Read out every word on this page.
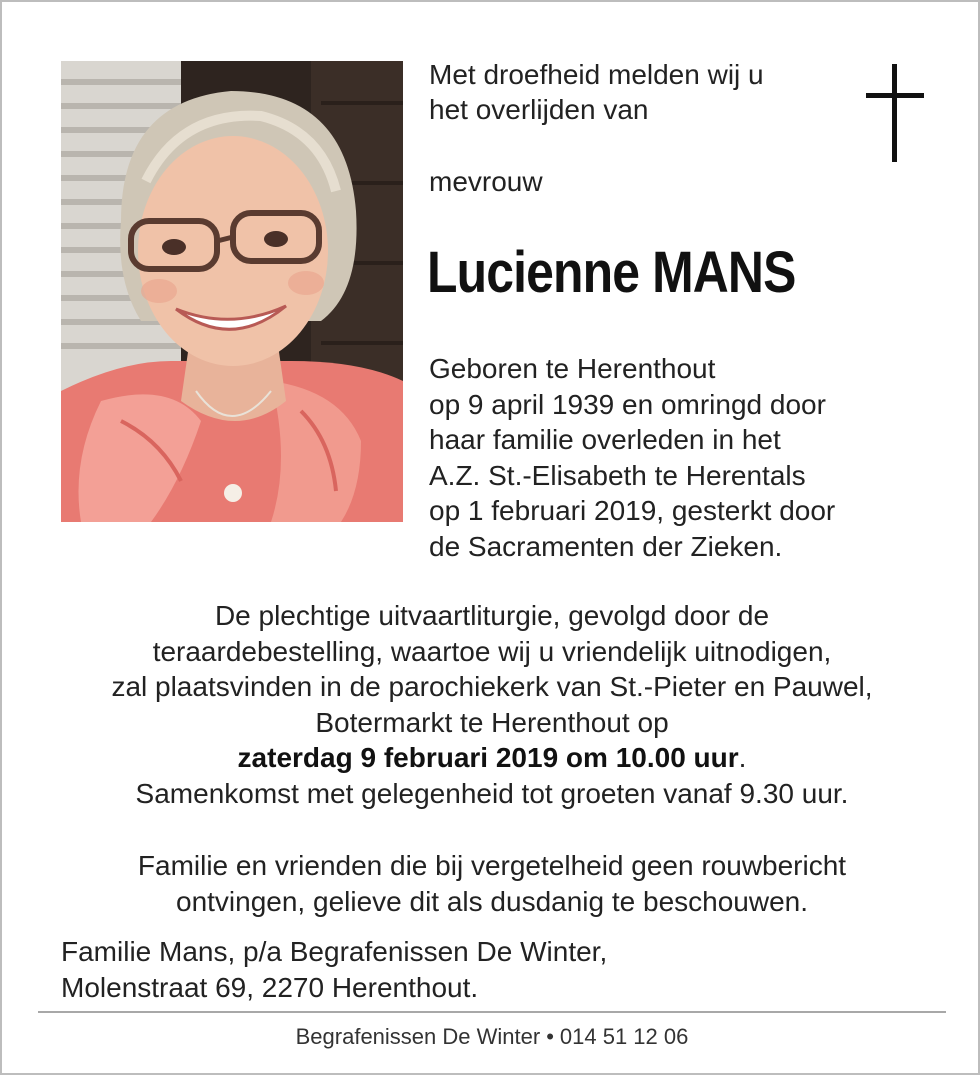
Met droefheid melden wij u
het overlijden van
mevrouw
Lucienne MANS
Geboren te Herenthout
op 9 april 1939 en omringd door
haar familie overleden in het
A.Z. St.-Elisabeth te Herentals
op 1 februari 2019, gesterkt door
de Sacramenten der Zieken.
De plechtige uitvaartliturgie, gevolgd door de
teraardebestelling, waartoe wij u vriendelijk uitnodigen,
zal plaatsvinden in de parochiekerk van St.-Pieter en Pauwel,
Botermarkt te Herenthout op
zaterdag 9 februari 2019 om 10.00 uur.
Samenkomst met gelegenheid tot groeten vanaf 9.30 uur.
Familie en vrienden die bij vergetelheid geen rouwbericht
ontvingen, gelieve dit als dusdanig te beschouwen.
Familie Mans, p/a Begrafenissen De Winter,
Molenstraat 69, 2270 Herenthout.
Begrafenissen De Winter • 014 51 12 06
